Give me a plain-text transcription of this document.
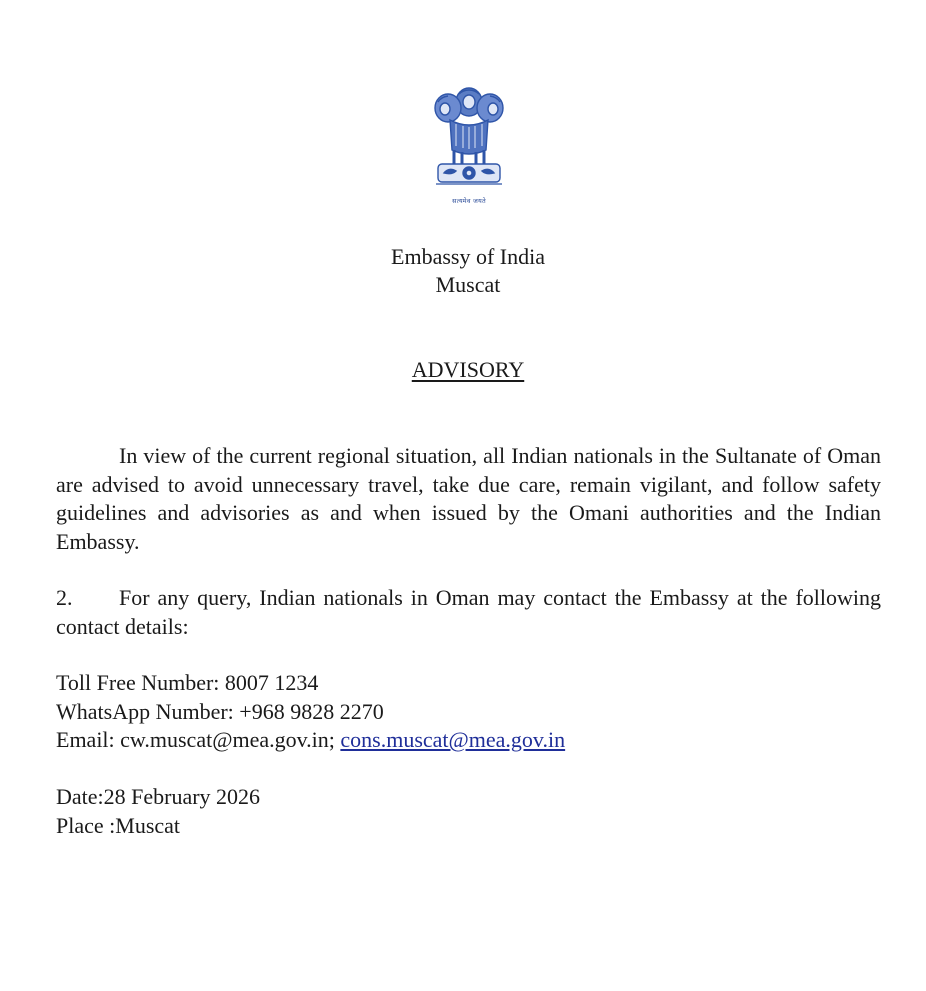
सत्यमेव जयते
Embassy of India
Muscat
ADVISORY
In view of the current regional situation, all Indian nationals in the Sultanate of Oman are advised to avoid unnecessary travel, take due care, remain vigilant, and follow safety guidelines and advisories as and when issued by the Omani authorities and the Indian Embassy.
2. For any query, Indian nationals in Oman may contact the Embassy at the following contact details:
Toll Free Number: 8007 1234
WhatsApp Number: +968 9828 2270
Email: cw.muscat@mea.gov.in; cons.muscat@mea.gov.in
Date:28 February 2026
Place :Muscat
